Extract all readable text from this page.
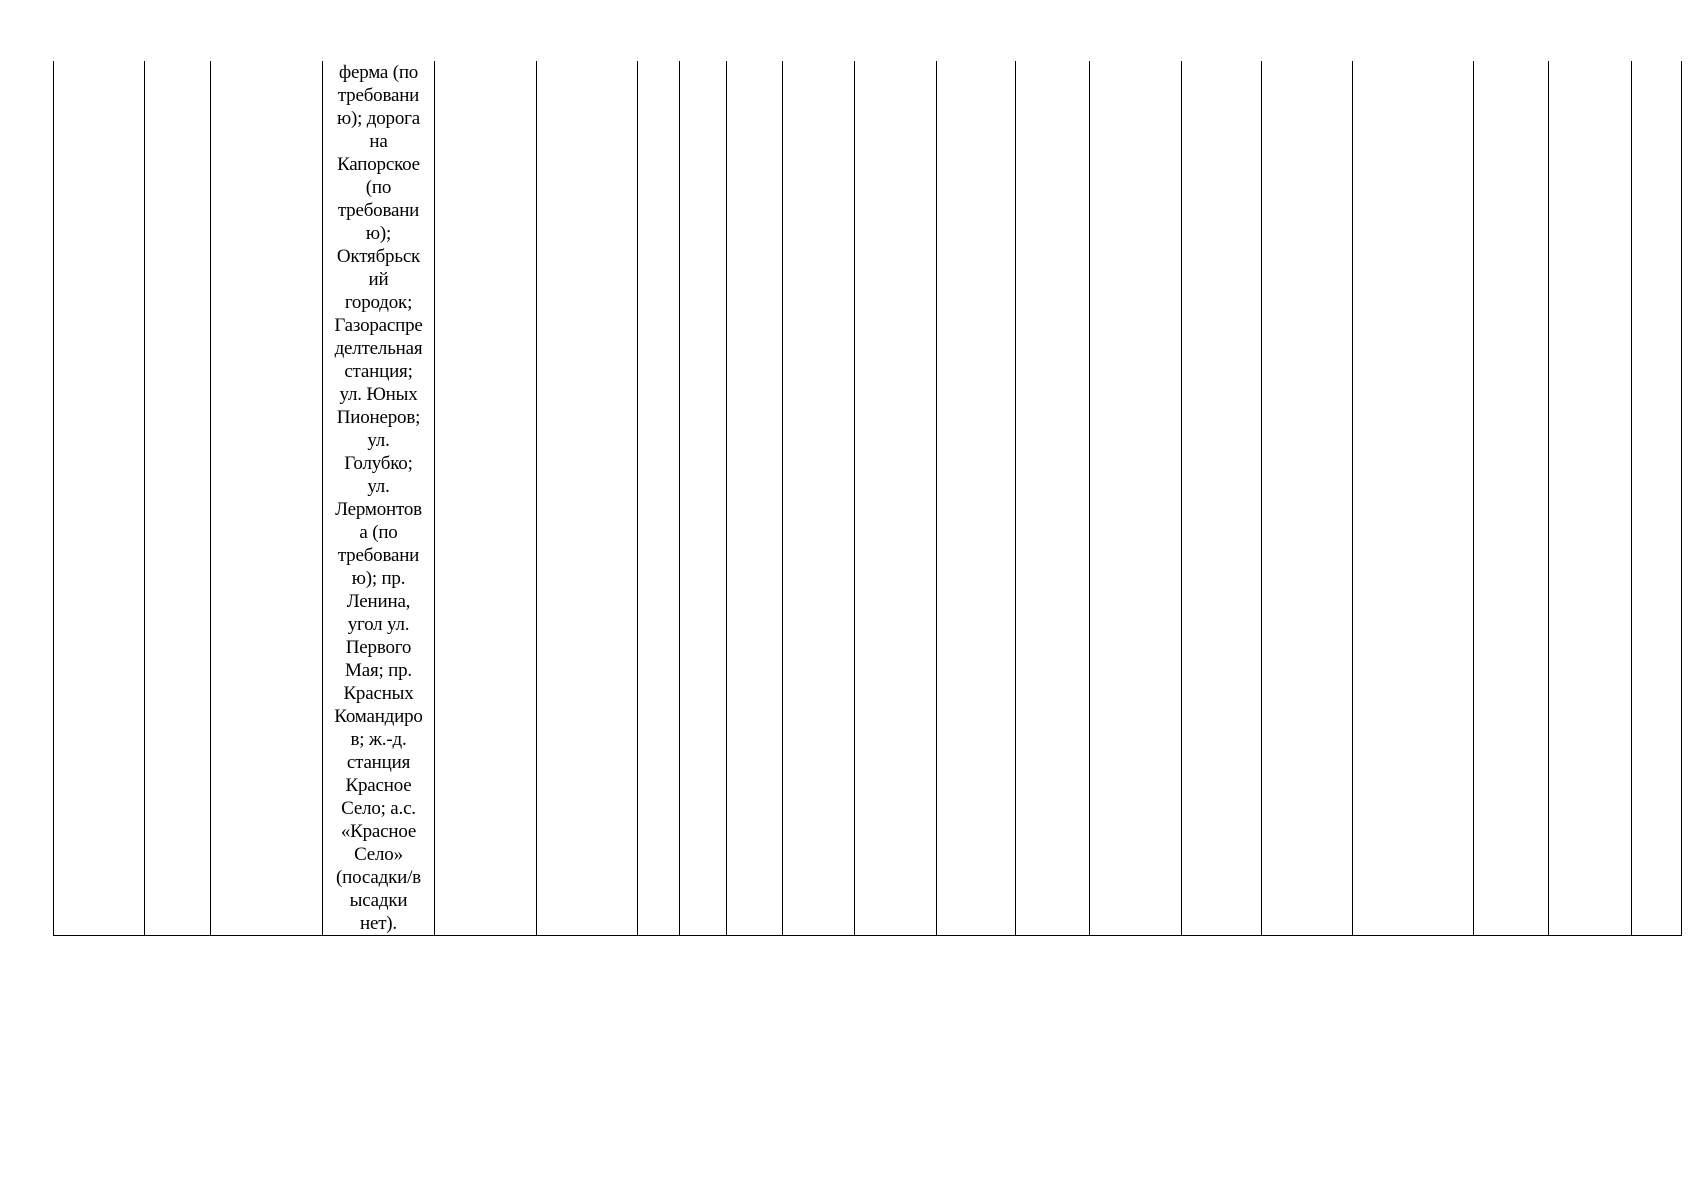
ферма (по
требовани
ю); дорога
на
Капорское
(по
требовани
ю);
Октябрьск
ий
городок;
Газораспре
делтельная
станция;
ул. Юных
Пионеров;
ул.
Голубко;
ул.
Лермонтов
а (по
требовани
ю); пр.
Ленина,
угол ул.
Первого
Мая; пр.
Красных
Командиро
в; ж.-д.
станция
Красное
Село; а.с.
«Красное
Село»
(посадки/в
ысадки
нет).
